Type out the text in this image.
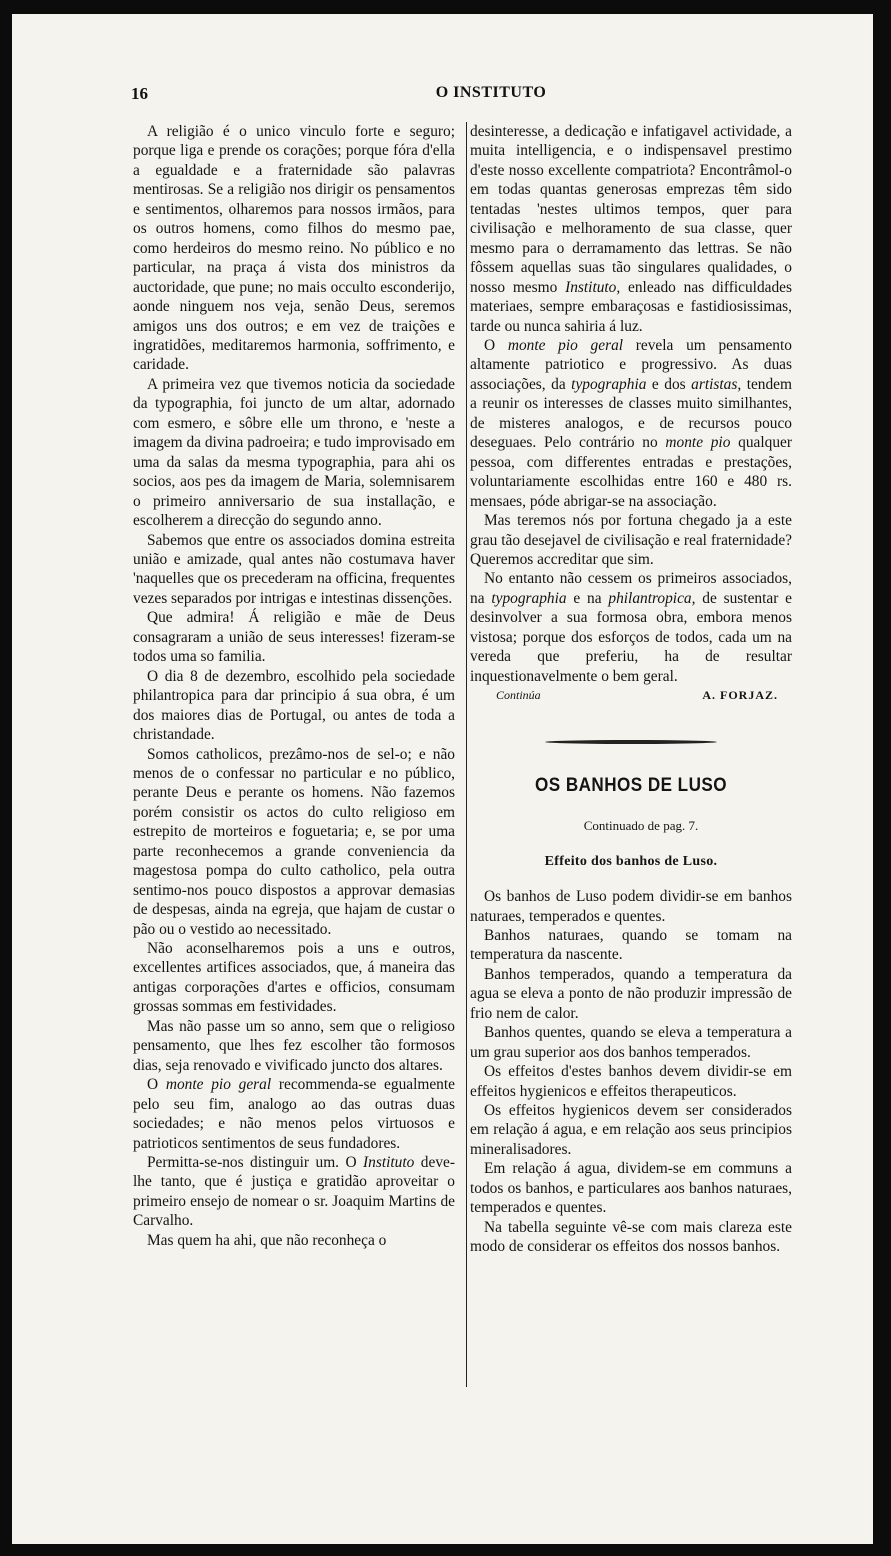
16	O INSTITUTO

A religião é o unico vinculo forte e seguro; porque liga e prende os corações; porque fóra d'ella a egualdade e a fraternidade são palavras mentirosas. Se a religião nos dirigir os pensamentos e sentimentos, olharemos para nossos irmãos, para os outros homens, como filhos do mesmo pae, como herdeiros do mesmo reino. No público e no particular, na praça á vista dos ministros da auctoridade, que pune; no mais occulto esconderijo, aonde ninguem nos veja, senão Deus, seremos amigos uns dos outros; e em vez de traições e ingratidões, meditaremos harmonia, soffrimento, e caridade.

A primeira vez que tivemos noticia da sociedade da typographia, foi juncto de um altar, adornado com esmero, e sôbre elle um throno, e 'neste a imagem da divina padroeira; e tudo improvisado em uma da salas da mesma typographia, para ahi os socios, aos pes da imagem de Maria, solemnisarem o primeiro anniversario de sua installação, e escolherem a direcção do segundo anno.

Sabemos que entre os associados domina estreita união e amizade, qual antes não costumava haver 'naquelles que os precederam na officina, frequentes vezes separados por intrigas e intestinas dissenções.

Que admira! Á religião e mãe de Deus consagraram a união de seus interesses! fizeram-se todos uma so familia.

O dia 8 de dezembro, escolhido pela sociedade philantropica para dar principio á sua obra, é um dos maiores dias de Portugal, ou antes de toda a christandade.

Somos catholicos, prezâmo-nos de sel-o; e não menos de o confessar no particular e no público, perante Deus e perante os homens. Não fazemos porém consistir os actos do culto religioso em estrepito de morteiros e foguetaria; e, se por uma parte reconhecemos a grande conveniencia da magestosa pompa do culto catholico, pela outra sentimo-nos pouco dispostos a approvar demasias de despesas, ainda na egreja, que hajam de custar o pão ou o vestido ao necessitado.

Não aconselharemos pois a uns e outros, excellentes artifices associados, que, á maneira das antigas corporações d'artes e officios, consumam grossas sommas em festividades.

Mas não passe um so anno, sem que o religioso pensamento, que lhes fez escolher tão formosos dias, seja renovado e vivificado juncto dos altares.

O monte pio geral recommenda-se egualmente pelo seu fim, analogo ao das outras duas sociedades; e não menos pelos virtuosos e patrioticos sentimentos de seus fundadores.

Permitta-se-nos distinguir um. O Instituto deve-lhe tanto, que é justiça e gratidão aproveitar o primeiro ensejo de nomear o sr. Joaquim Martins de Carvalho.

Mas quem ha ahi, que não reconheça o

desinteresse, a dedicação e infatigavel actividade, a muita intelligencia, e o indispensavel prestimo d'este nosso excellente compatriota? Encontrâmol-o em todas quantas generosas emprezas têm sido tentadas 'nestes ultimos tempos, quer para civilisação e melhoramento de sua classe, quer mesmo para o derramamento das lettras. Se não fôssem aquellas suas tão singulares qualidades, o nosso mesmo Instituto, enleado nas difficuldades materiaes, sempre embaraçosas e fastidiosissimas, tarde ou nunca sahiria á luz.

O monte pio geral revela um pensamento altamente patriotico e progressivo. As duas associações, da typographia e dos artistas, tendem a reunir os interesses de classes muito similhantes, de misteres analogos, e de recursos pouco deseguaes. Pelo contrário no monte pio qualquer pessoa, com differentes entradas e prestações, voluntariamente escolhidas entre 160 e 480 rs. mensaes, póde abrigar-se na associação.

Mas teremos nós por fortuna chegado ja a este grau tão desejavel de civilisação e real fraternidade? Queremos accreditar que sim.

No entanto não cessem os primeiros associados, na typographia e na philantropica, de sustentar e desinvolver a sua formosa obra, embora menos vistosa; porque dos esforços de todos, cada um na vereda que preferiu, ha de resultar inquestionavelmente o bem geral.

Continúa	A. FORJAZ.
OS BANHOS DE LUSO
Continuado de pag. 7.
Effeito dos banhos de Luso.

Os banhos de Luso podem dividir-se em banhos naturaes, temperados e quentes.

Banhos naturaes, quando se tomam na temperatura da nascente.

Banhos temperados, quando a temperatura da agua se eleva a ponto de não produzir impressão de frio nem de calor.

Banhos quentes, quando se eleva a temperatura a um grau superior aos dos banhos temperados.

Os effeitos d'estes banhos devem dividir-se em effeitos hygienicos e effeitos therapeuticos.

Os effeitos hygienicos devem ser considerados em relação á agua, e em relação aos seus principios mineralisadores.

Em relação á agua, dividem-se em communs a todos os banhos, e particulares aos banhos naturaes, temperados e quentes.

Na tabella seguinte vê-se com mais clareza este modo de considerar os effeitos dos nossos banhos.
